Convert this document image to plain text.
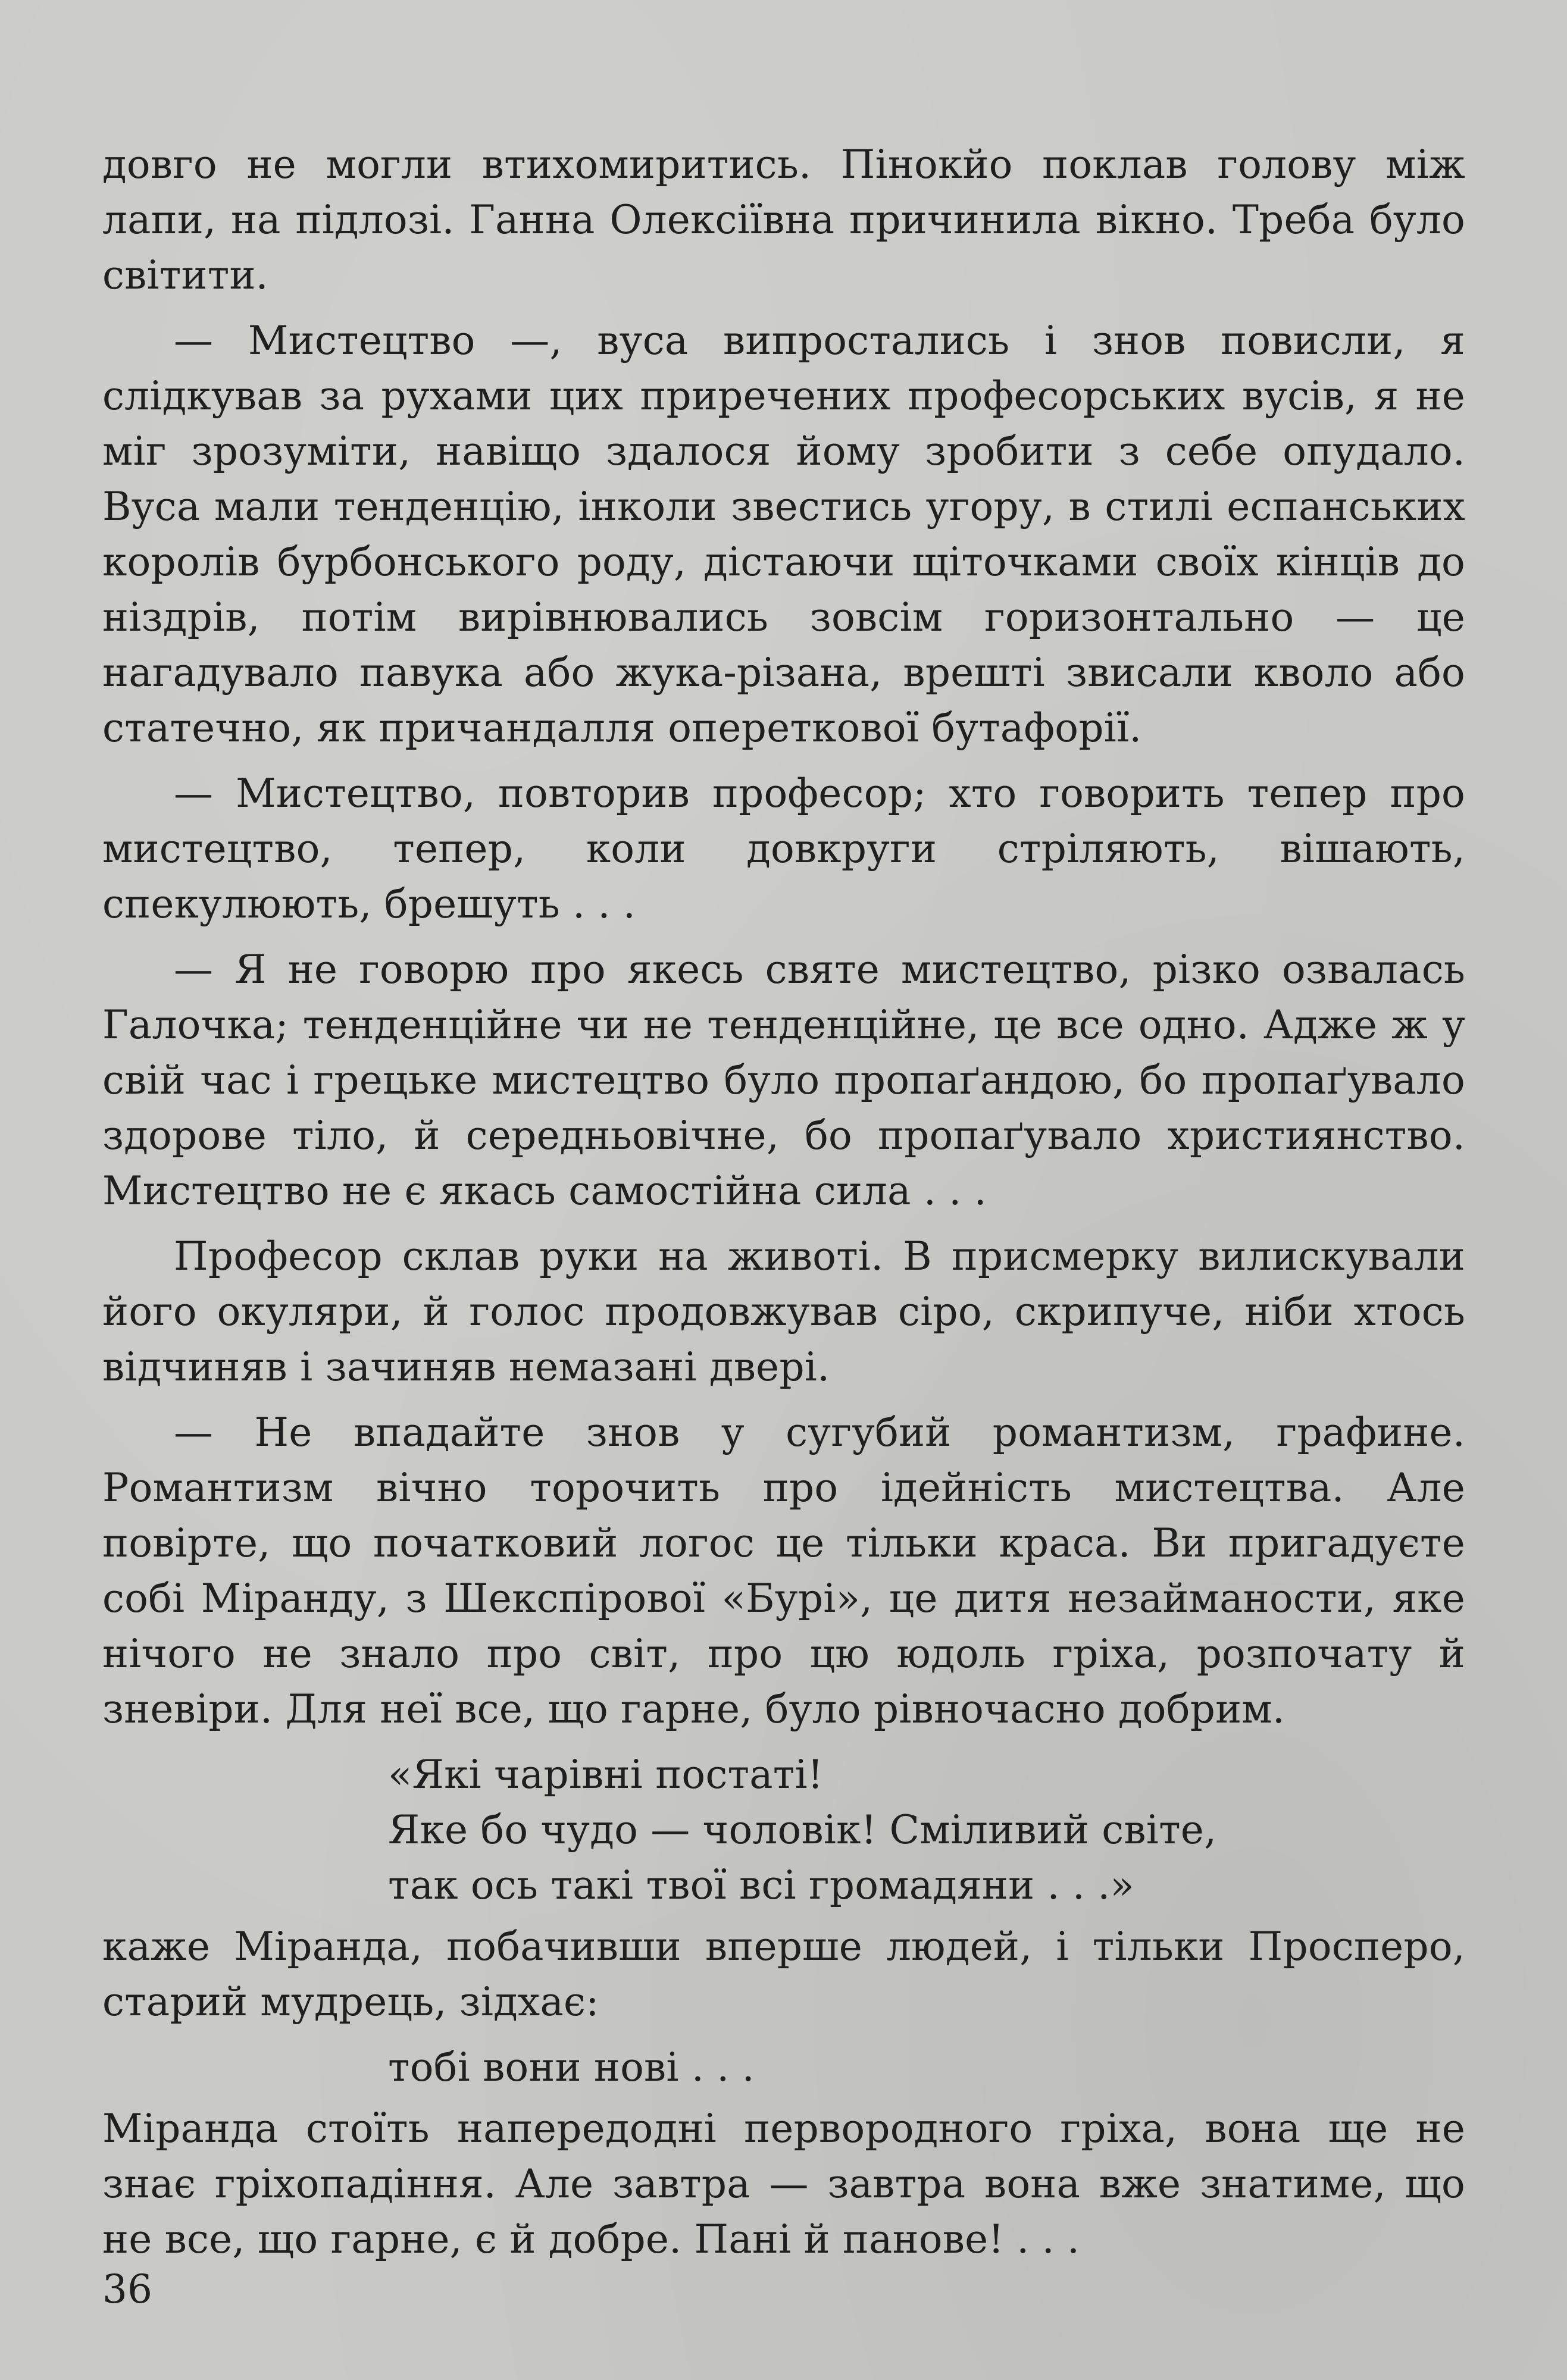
довго не могли втихомиритись. Пінокйо поклав голову між лапи, на підлозі. Ганна Олексіївна причинила вікно. Треба було світити.

— Мистецтво —, вуса випростались і знов повисли, я слідкував за рухами цих приречених професорських вусів, я не міг зрозуміти, навіщо здалося йому зробити з себе опудало. Вуса мали тенденцію, інколи звестись угору, в стилі еспанських королів бурбонського роду, дістаючи щіточками своїх кінців до ніздрів, потім вирівнювались зовсім горизонтально — це нагадувало павука або жука-різана, врешті звисали кволо або статечно, як причандалля оперетковoї бутафорії.

— Мистецтво, повторив професор; хто говорить тепер про мистецтво, тепер, коли довкруги стріляють, вішають, спекулюють, брешуть . . .

— Я не говорю про якесь святе мистецтво, різко озвалась Галочка; тенденційне чи не тенденційне, це все одно. Адже ж у свій час і грецьке мистецтво було пропаґандою, бо пропаґувало здорове тіло, й середньовічне, бо пропаґувало християнство. Мистецтво не є якась самостійна сила . . .

Професор склав руки на животі. В присмерку вилискували його окуляри, й голос продовжував сіро, скрипуче, ніби хтось відчиняв і зачиняв немазані двері.

— Не впадайте знов у сугубий романтизм, графине. Романтизм вічно торочить про ідейність мистецтва. Але повірте, що початковий логос це тільки краса. Ви пригадуєте собі Міранду, з Шекспірової «Бурі», це дитя незайманости, яке нічого не знало про світ, про цю юдоль гріха, розпочату й зневіри. Для неї все, що гарне, було рівночасно добрим.

«Які чарівні постаті!
Яке бо чудо — чоловік! Сміливий світе,
так ось такі твої всі громадяни . . .»

каже Міранда, побачивши вперше людей, і тільки Просперо, старий мудрець, зідхає:

тобі вони нові . . .

Міранда стоїть напередодні первородного гріха, вона ще не знає гріхопадіння. Але завтра — завтра вона вже знатиме, що не все, що гарне, є й добре. Пані й панове! . . .

36
